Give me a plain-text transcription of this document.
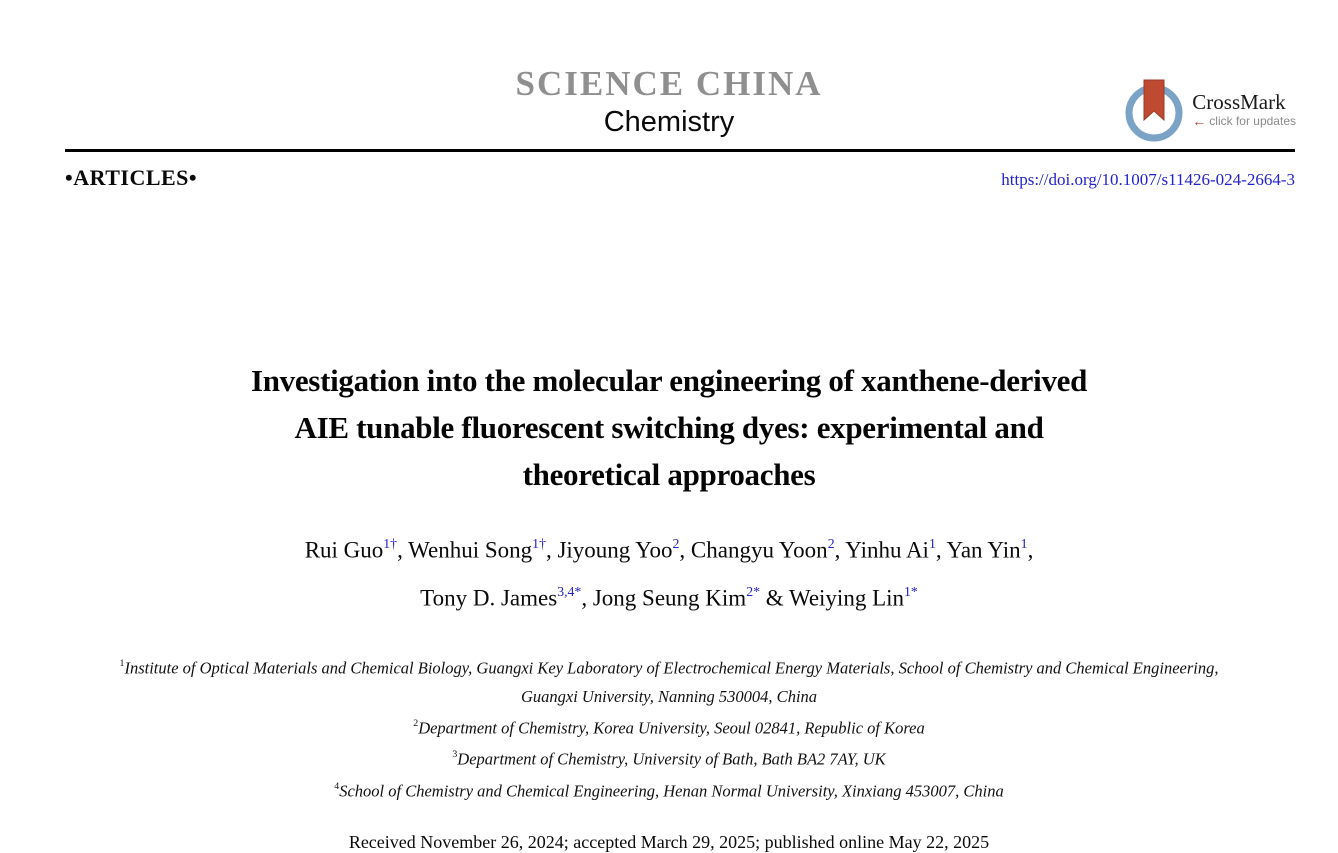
SCIENCE CHINA
Chemistry
CrossMark
← click for updates
•ARTICLES•	https://doi.org/10.1007/s11426-024-2664-3
Investigation into the molecular engineering of xanthene-derived
AIE tunable fluorescent switching dyes: experimental and
theoretical approaches
Rui Guo$^{1\dagger}$, Wenhui Song$^{1\dagger}$, Jiyoung Yoo$^2$, Changyu Yoon$^2$, Yinhu Ai$^1$, Yan Yin$^1$,
Tony D. James$^{3,4*}$, Jong Seung Kim$^{2*}$ & Weiying Lin$^{1*}$
$^1$Institute of Optical Materials and Chemical Biology, Guangxi Key Laboratory of Electrochemical Energy Materials, School of Chemistry and Chemical Engineering, Guangxi University, Nanning 530004, China
$^2$Department of Chemistry, Korea University, Seoul 02841, Republic of Korea
$^3$Department of Chemistry, University of Bath, Bath BA2 7AY, UK
$^4$School of Chemistry and Chemical Engineering, Henan Normal University, Xinxiang 453007, China
Received November 26, 2024; accepted March 29, 2025; published online May 22, 2025
